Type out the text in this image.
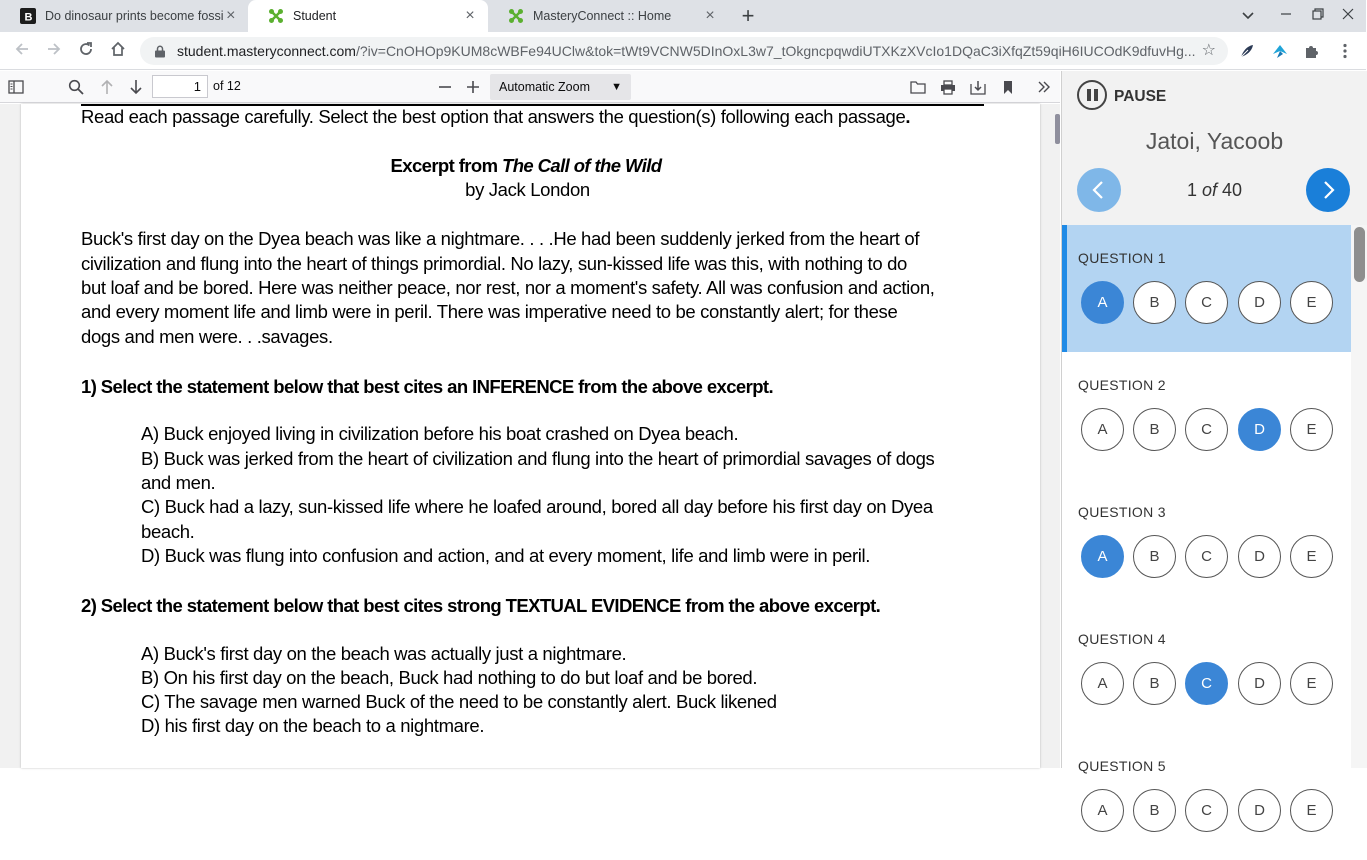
B Do dinosaur prints become fossi ×	Student	×	MasteryConnect :: Home	× +
student.masteryconnect.com/?iv=CnOHOp9KUM8cWBFe94UClw&tok=tWt9VCNW5DInOxL3w7_tOkgncpqwdiUTXKzXVcIo1DQaC3iXfqZt59qiH6IUCOdK9dfuvHg... ☆
1 of 12	Automatic Zoom ▼
Read each passage carefully. Select the best option that answers the question(s) following each passage.
Excerpt from The Call of the Wild
by Jack London
Buck's first day on the Dyea beach was like a nightmare. . . .He had been suddenly jerked from the heart of
civilization and flung into the heart of things primordial. No lazy, sun-kissed life was this, with nothing to do
but loaf and be bored. Here was neither peace, nor rest, nor a moment's safety. All was confusion and action,
and every moment life and limb were in peril. There was imperative need to be constantly alert; for these
dogs and men were. . .savages.
1) Select the statement below that best cites an INFERENCE from the above excerpt.
A) Buck enjoyed living in civilization before his boat crashed on Dyea beach.
B) Buck was jerked from the heart of civilization and flung into the heart of primordial savages of dogs
and men.
C) Buck had a lazy, sun-kissed life where he loafed around, bored all day before his first day on Dyea
beach.
D) Buck was flung into confusion and action, and at every moment, life and limb were in peril.
2) Select the statement below that best cites strong TEXTUAL EVIDENCE from the above excerpt.
A) Buck's first day on the beach was actually just a nightmare.
B) On his first day on the beach, Buck had nothing to do but loaf and be bored.
C) The savage men warned Buck of the need to be constantly alert. Buck likened
D) his first day on the beach to a nightmare.
PAUSE
Jatoi, Yacoob
1 of 40
QUESTION 1
A	B	C	D	E
QUESTION 2
A	B	C	D	E
QUESTION 3
A	B	C	D	E
QUESTION 4
A	B	C	D	E
QUESTION 5
A	B	C	D	E
